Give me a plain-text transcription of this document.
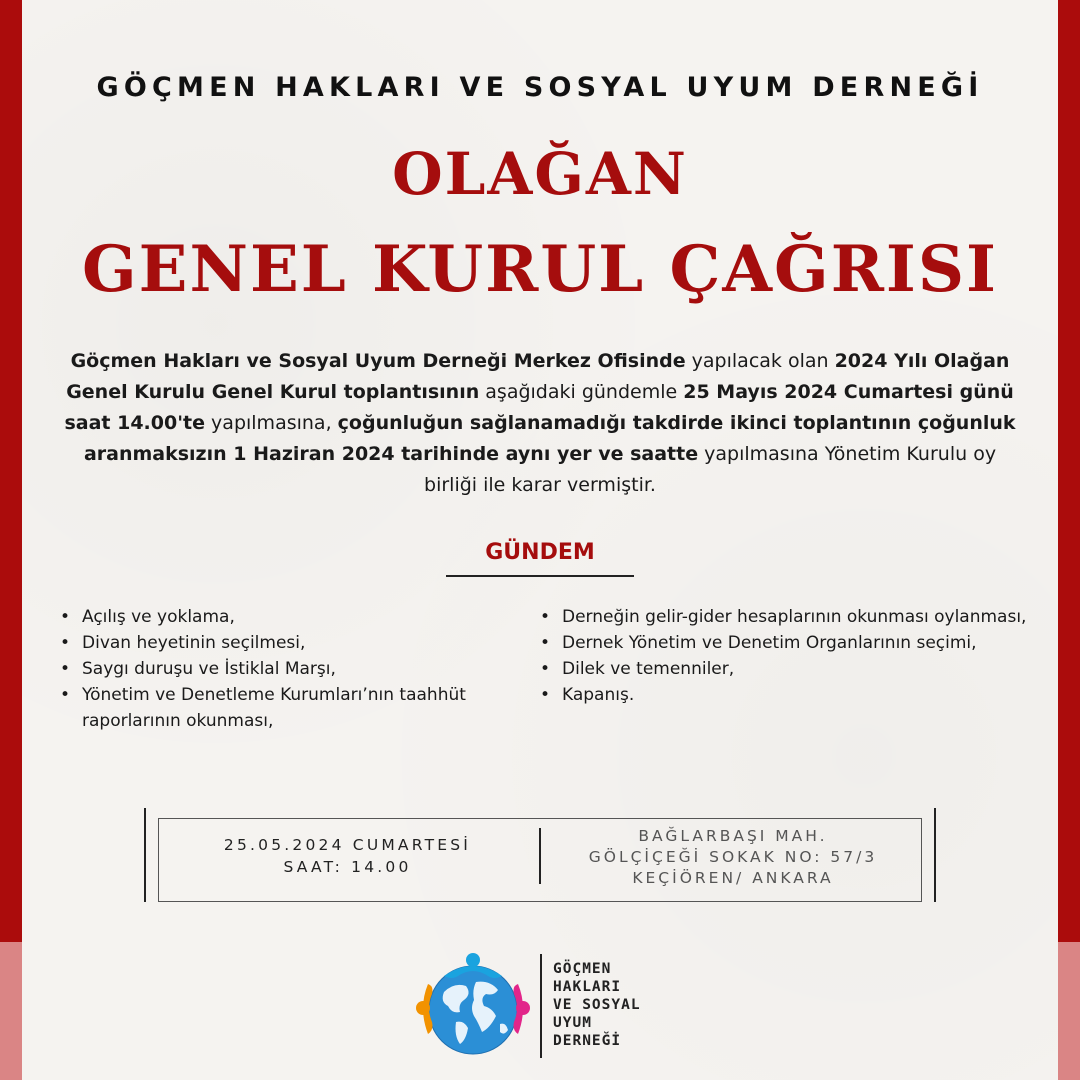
GÖÇMEN HAKLARI VE SOSYAL UYUM DERNEĞİ
OLAĞAN
GENEL KURUL ÇAĞRISI
Göçmen Hakları ve Sosyal Uyum Derneği Merkez Ofisinde yapılacak olan 2024 Yılı Olağan Genel Kurulu Genel Kurul toplantısının aşağıdaki gündemle 25 Mayıs 2024 Cumartesi günü saat 14.00'te yapılmasına, çoğunluğun sağlanamadığı takdirde ikinci toplantının çoğunluk aranmaksızın 1 Haziran 2024 tarihinde aynı yer ve saatte yapılmasına Yönetim Kurulu oy birliği ile karar vermiştir.
GÜNDEM
• Açılış ve yoklama,
• Divan heyetinin seçilmesi,
• Saygı duruşu ve İstiklal Marşı,
• Yönetim ve Denetleme Kurumları’nın taahhüt raporlarının okunması,
• Derneğin gelir-gider hesaplarının okunması oylanması,
• Dernek Yönetim ve Denetim Organlarının seçimi,
• Dilek ve temenniler,
• Kapanış.
25.05.2024 CUMARTESİ
SAAT: 14.00
BAĞLARBAŞI MAH.
GÖLÇİÇEĞİ SOKAK NO: 57/3
KEÇİÖREN/ ANKARA
GÖÇMEN
HAKLARI
VE SOSYAL
UYUM
DERNEĞİ
